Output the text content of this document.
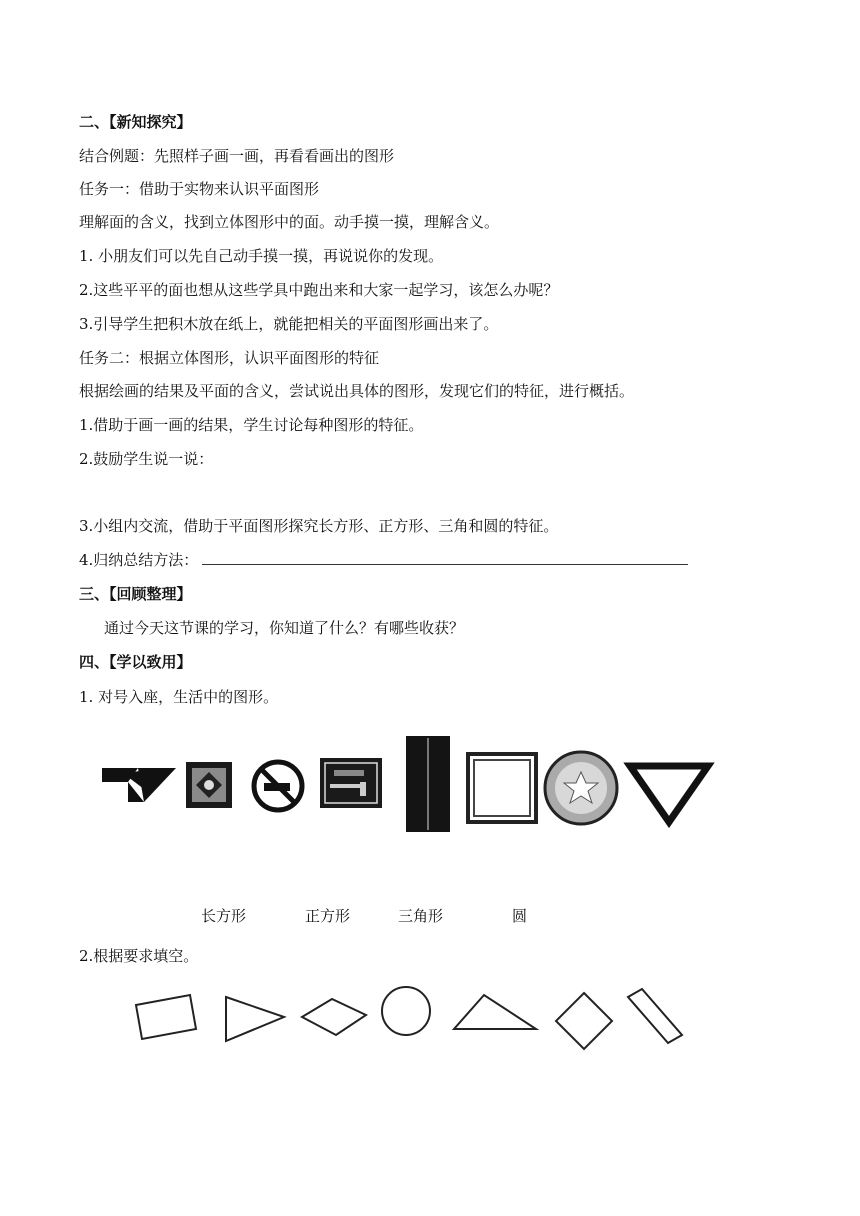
二、【新知探究】
结合例题：先照样子画一画，再看看画出的图形
任务一：借助于实物来认识平面图形
理解面的含义，找到立体图形中的面。动手摸一摸，理解含义。
1. 小朋友们可以先自己动手摸一摸，再说说你的发现。
2.这些平平的面也想从这些学具中跑出来和大家一起学习，该怎么办呢？
3.引导学生把积木放在纸上，就能把相关的平面图形画出来了。
任务二：根据立体图形，认识平面图形的特征
根据绘画的结果及平面的含义，尝试说出具体的图形，发现它们的特征，进行概括。
1.借助于画一画的结果，学生讨论每种图形的特征。
2.鼓励学生说一说：
3.小组内交流，借助于平面图形探究长方形、正方形、三角和圆的特征。
4.归纳总结方法：
三、【回顾整理】
通过今天这节课的学习，你知道了什么？有哪些收获？
四、【学以致用】
1. 对号入座，生活中的图形。
长方形	正方形	三角形	圆
2.根据要求填空。
